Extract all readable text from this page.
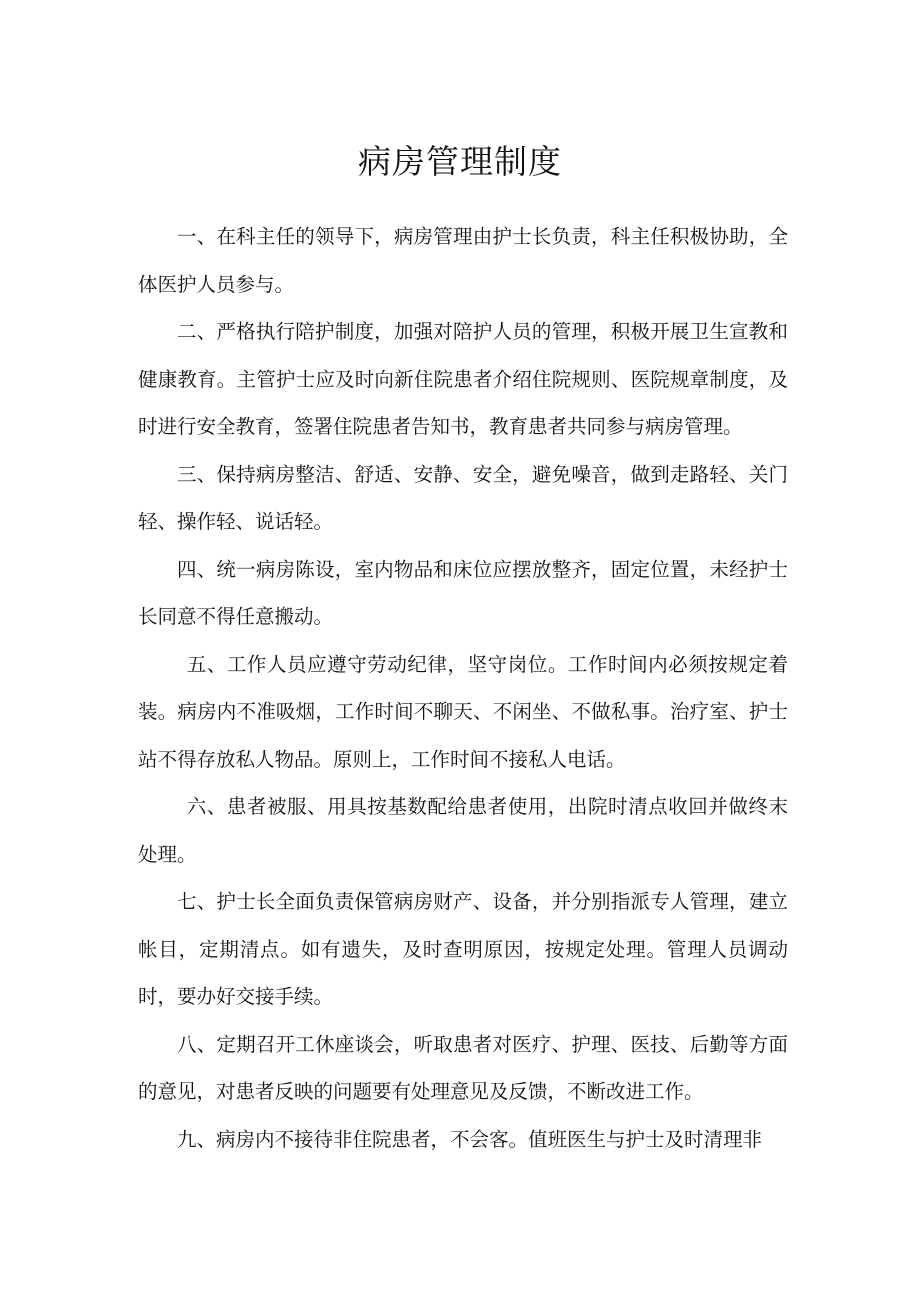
病房管理制度

一、在科主任的领导下，病房管理由护士长负责，科主任积极协助，全体医护人员参与。

二、严格执行陪护制度，加强对陪护人员的管理，积极开展卫生宣教和健康教育。主管护士应及时向新住院患者介绍住院规则、医院规章制度，及时进行安全教育，签署住院患者告知书，教育患者共同参与病房管理。

三、保持病房整洁、舒适、安静、安全，避免噪音，做到走路轻、关门轻、操作轻、说话轻。

四、统一病房陈设，室内物品和床位应摆放整齐，固定位置，未经护士长同意不得任意搬动。

五、工作人员应遵守劳动纪律，坚守岗位。工作时间内必须按规定着装。病房内不准吸烟，工作时间不聊天、不闲坐、不做私事。治疗室、护士站不得存放私人物品。原则上，工作时间不接私人电话。

六、患者被服、用具按基数配给患者使用，出院时清点收回并做终末处理。

七、护士长全面负责保管病房财产、设备，并分别指派专人管理，建立帐目，定期清点。如有遗失，及时查明原因，按规定处理。管理人员调动时，要办好交接手续。

八、定期召开工休座谈会，听取患者对医疗、护理、医技、后勤等方面的意见，对患者反映的问题要有处理意见及反馈，不断改进工作。

九、病房内不接待非住院患者，不会客。值班医生与护士及时清理非
